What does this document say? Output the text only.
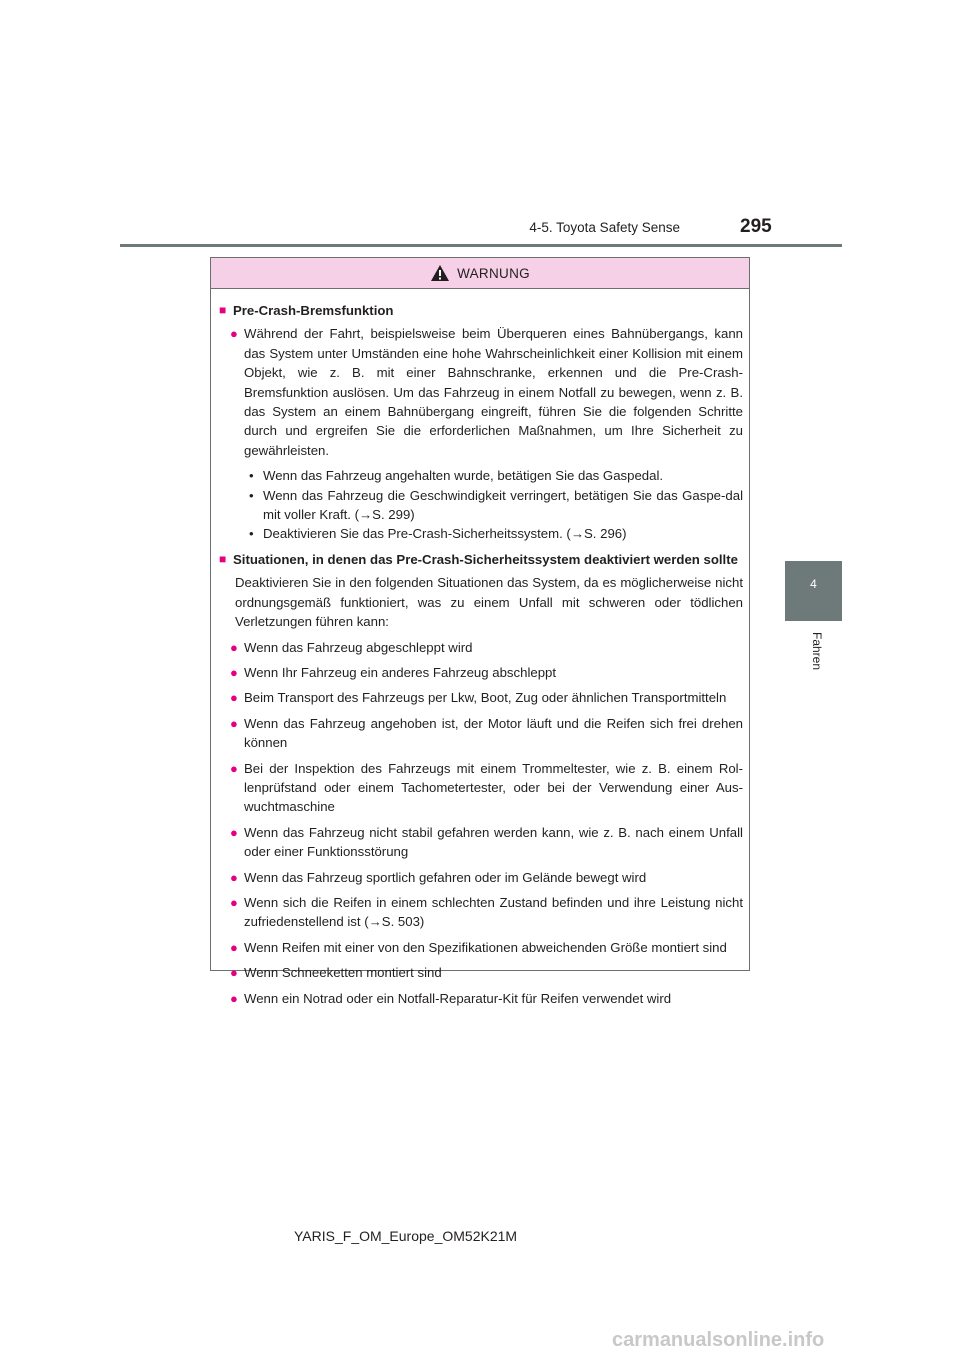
4-5. Toyota Safety Sense	295
4
Fahren
WARNUNG
■ Pre-Crash-Bremsfunktion
● Während der Fahrt, beispielsweise beim Überqueren eines Bahnübergangs, kann das System unter Umständen eine hohe Wahrscheinlichkeit einer Kollision mit einem Objekt, wie z. B. mit einer Bahnschranke, erkennen und die Pre-Crash-Bremsfunktion auslösen. Um das Fahrzeug in einem Notfall zu bewegen, wenn z. B. das System an einem Bahnübergang eingreift, führen Sie die folgenden Schritte durch und ergreifen Sie die erforderlichen Maßnahmen, um Ihre Sicherheit zu gewährleisten.
• Wenn das Fahrzeug angehalten wurde, betätigen Sie das Gaspedal.
• Wenn das Fahrzeug die Geschwindigkeit verringert, betätigen Sie das Gaspe-dal mit voller Kraft. (→S. 299)
• Deaktivieren Sie das Pre-Crash-Sicherheitssystem. (→S. 296)
■ Situationen, in denen das Pre-Crash-Sicherheitssystem deaktiviert werden sollte
Deaktivieren Sie in den folgenden Situationen das System, da es möglicherweise nicht ordnungsgemäß funktioniert, was zu einem Unfall mit schweren oder tödlichen Verletzungen führen kann:
● Wenn das Fahrzeug abgeschleppt wird
● Wenn Ihr Fahrzeug ein anderes Fahrzeug abschleppt
● Beim Transport des Fahrzeugs per Lkw, Boot, Zug oder ähnlichen Transportmitteln
● Wenn das Fahrzeug angehoben ist, der Motor läuft und die Reifen sich frei drehen können
● Bei der Inspektion des Fahrzeugs mit einem Trommeltester, wie z. B. einem Rol-lenprüfstand oder einem Tachometertester, oder bei der Verwendung einer Aus-wuchtmaschine
● Wenn das Fahrzeug nicht stabil gefahren werden kann, wie z. B. nach einem Unfall oder einer Funktionsstörung
● Wenn das Fahrzeug sportlich gefahren oder im Gelände bewegt wird
● Wenn sich die Reifen in einem schlechten Zustand befinden und ihre Leistung nicht zufriedenstellend ist (→S. 503)
● Wenn Reifen mit einer von den Spezifikationen abweichenden Größe montiert sind
● Wenn Schneeketten montiert sind
● Wenn ein Notrad oder ein Notfall-Reparatur-Kit für Reifen verwendet wird
YARIS_F_OM_Europe_OM52K21M
carmanualsonline.info
